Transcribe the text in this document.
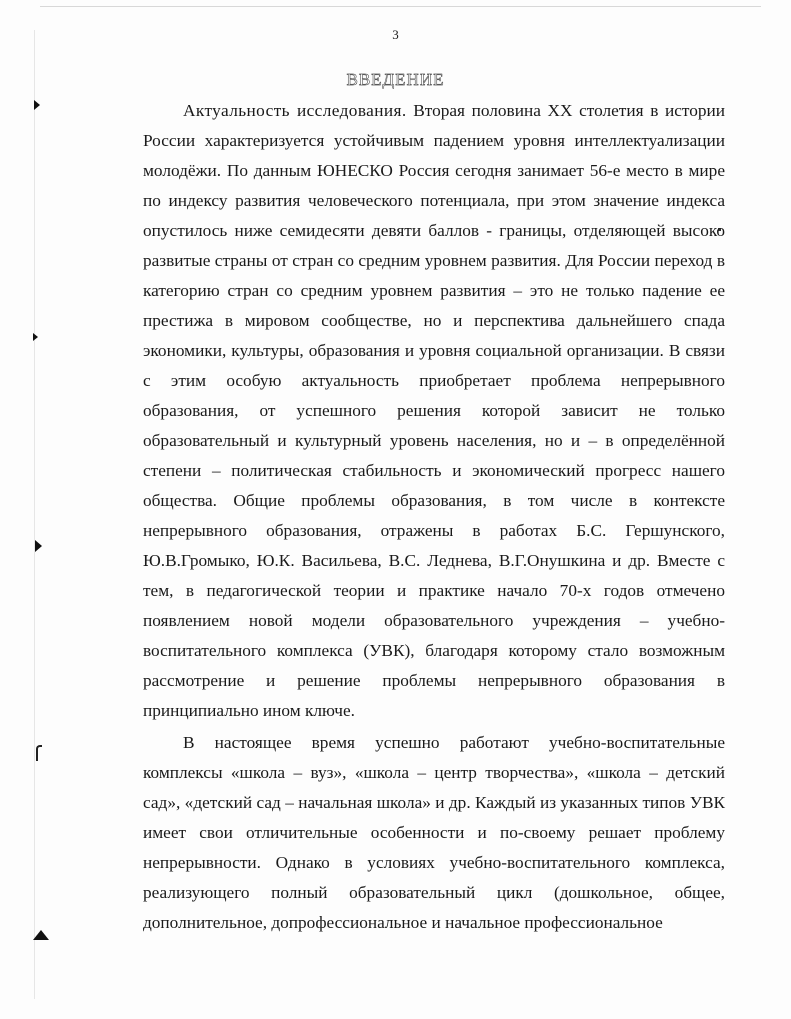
3
ВВЕДЕНИЕ

Актуальность исследования. Вторая половина XX столетия в истории России характеризуется устойчивым падением уровня интеллектуализации молодёжи. По данным ЮНЕСКО Россия сегодня занимает 56-е место в мире по индексу развития человеческого потенциала, при этом значение индекса опустилось ниже семидесяти девяти баллов - границы, отделяющей высоко развитые страны от стран со средним уровнем развития. Для России переход в категорию стран со средним уровнем развития – это не только падение ее престижа в мировом сообществе, но и перспектива дальнейшего спада экономики, культуры, образования и уровня социальной организации. В связи с этим особую актуальность приобретает проблема непрерывного образования, от успешного решения которой зависит не только образовательный и культурный уровень населения, но и – в определённой степени – политическая стабильность и экономический прогресс нашего общества. Общие проблемы образования, в том числе в контексте непрерывного образования, отражены в работах Б.С. Гершунского, Ю.В.Громыко, Ю.К. Васильева, В.С. Леднева, В.Г.Онушкина и др. Вместе с тем, в педагогической теории и практике начало 70-х годов отмечено появлением новой модели образовательного учреждения – учебно-воспитательного комплекса (УВК), благодаря которому стало возможным рассмотрение и решение проблемы непрерывного образования в принципиально ином ключе.

В настоящее время успешно работают учебно-воспитательные комплексы «школа – вуз», «школа – центр творчества», «школа – детский сад», «детский сад – начальная школа» и др. Каждый из указанных типов УВК имеет свои отличительные особенности и по-своему решает проблему непрерывности. Однако в условиях учебно-воспитательного комплекса, реализующего полный образовательный цикл (дошкольное, общее, дополнительное, допрофессиональное и начальное профессиональное
